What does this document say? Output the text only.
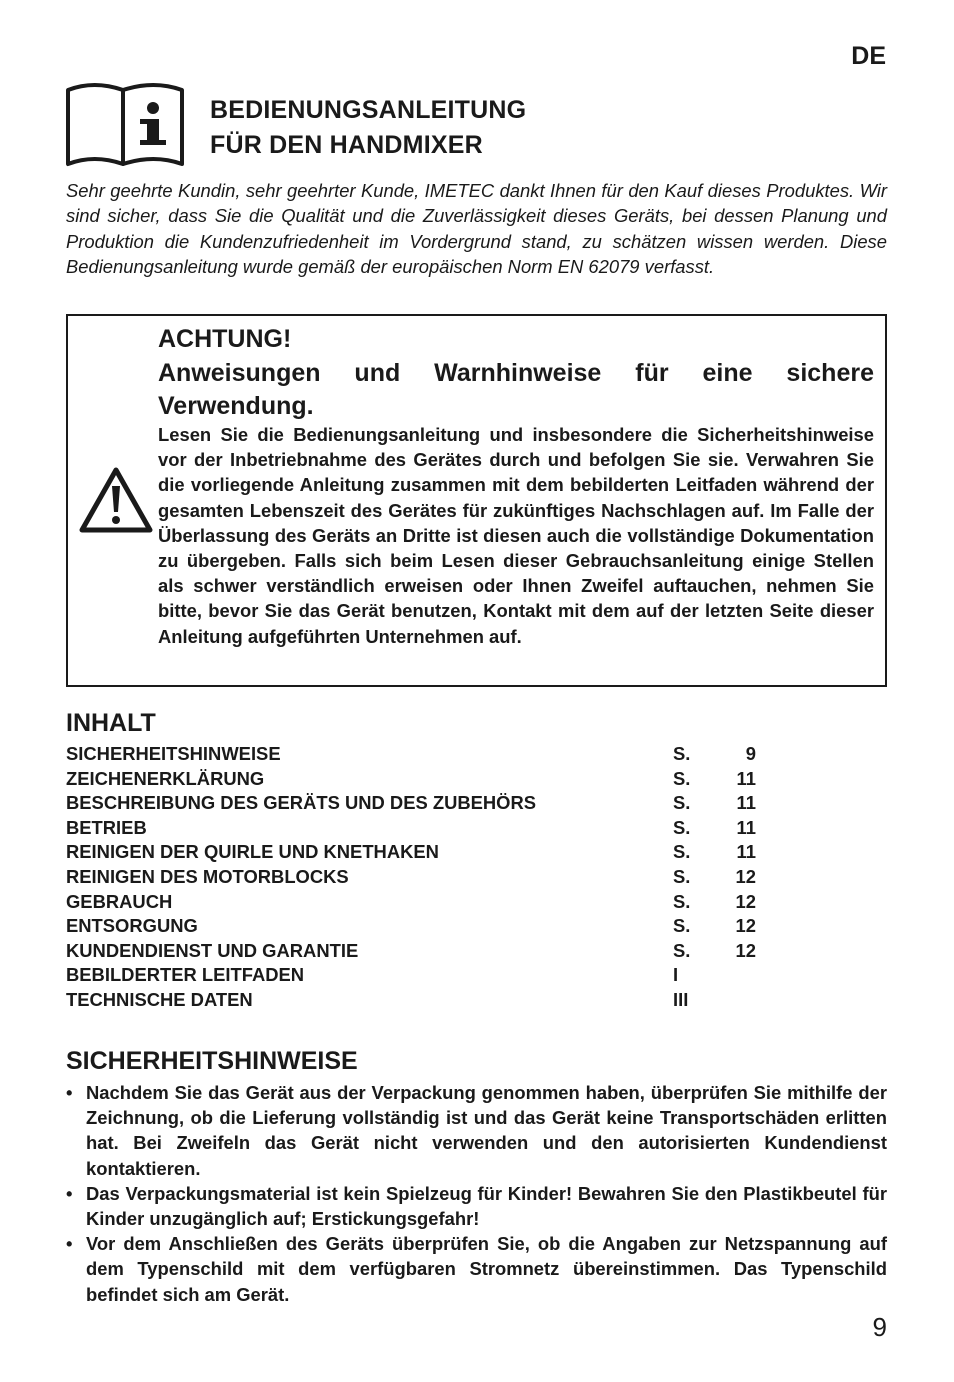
DE
BEDIENUNGSANLEITUNG
FÜR DEN HANDMIXER
Sehr geehrte Kundin, sehr geehrter Kunde, IMETEC dankt Ihnen für den Kauf dieses Produktes. Wir sind sicher, dass Sie die Qualität und die Zuverlässigkeit dieses Geräts, bei dessen Planung und Produktion die Kundenzufriedenheit im Vordergrund stand, zu schätzen wissen werden. Diese Bedienungsanleitung wurde gemäß der europäischen Norm EN 62079 verfasst.
ACHTUNG!
Anweisungen und Warnhinweise für eine sichere
Verwendung.
Lesen Sie die Bedienungsanleitung und insbesondere die Sicherheitshinweise vor der Inbetriebnahme des Gerätes durch und befolgen Sie sie. Verwahren Sie die vorliegende Anleitung zusammen mit dem bebilderten Leitfaden während der gesamten Lebenszeit des Gerätes für zukünftiges Nachschlagen auf. Im Falle der Überlassung des Geräts an Dritte ist diesen auch die vollständige Dokumentation zu übergeben. Falls sich beim Lesen dieser Gebrauchsanleitung einige Stellen als schwer verständlich erweisen oder Ihnen Zweifel auftauchen, nehmen Sie bitte, bevor Sie das Gerät benutzen, Kontakt mit dem auf der letzten Seite dieser Anleitung aufgeführten Unternehmen auf.
INHALT
SICHERHEITSHINWEISE	S.	9
ZEICHENERKLÄRUNG	S.	11
BESCHREIBUNG DES GERÄTS UND DES ZUBEHÖRS	S.	11
BETRIEB	S.	11
REINIGEN DER QUIRLE UND KNETHAKEN	S.	11
REINIGEN DES MOTORBLOCKS	S.	12
GEBRAUCH	S.	12
ENTSORGUNG	S.	12
KUNDENDIENST UND GARANTIE	S.	12
BEBILDERTER LEITFADEN	I
TECHNISCHE DATEN	III
SICHERHEITSHINWEISE
• Nachdem Sie das Gerät aus der Verpackung genommen haben, überprüfen Sie mithilfe der Zeichnung, ob die Lieferung vollständig ist und das Gerät keine Transportschäden erlitten hat. Bei Zweifeln das Gerät nicht verwenden und den autorisierten Kundendienst kontaktieren.
• Das Verpackungsmaterial ist kein Spielzeug für Kinder! Bewahren Sie den Plastikbeutel für Kinder unzugänglich auf; Erstickungsgefahr!
• Vor dem Anschließen des Geräts überprüfen Sie, ob die Angaben zur Netzspannung auf dem Typenschild mit dem verfügbaren Stromnetz übereinstimmen. Das Typenschild befindet sich am Gerät.
9
